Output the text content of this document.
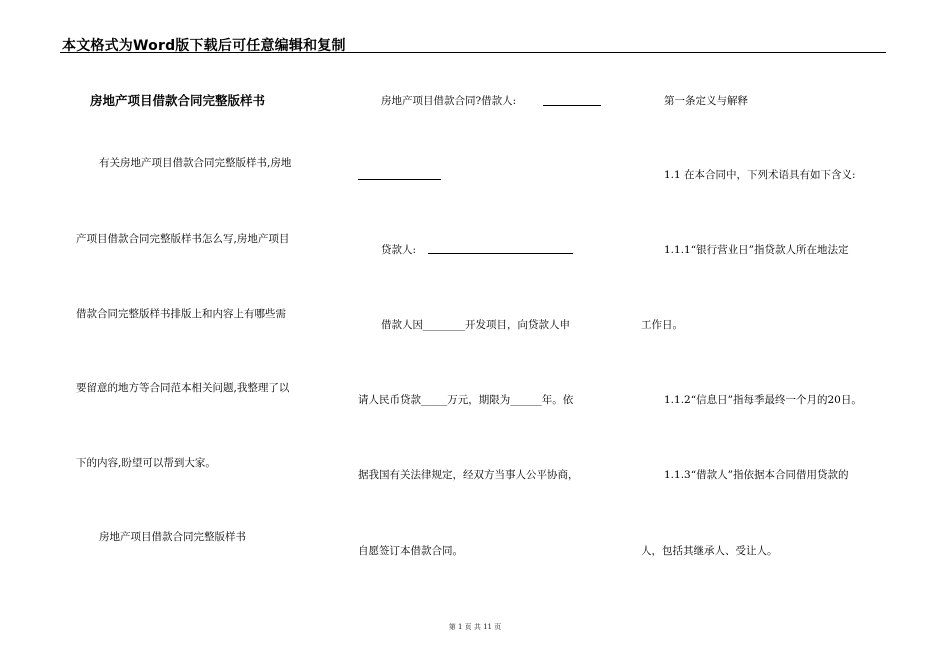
本文格式为Word版下载后可任意编辑和复制
房地产项目借款合同完整版样书
有关房地产项目借款合同完整版样书,房地
产项目借款合同完整版样书怎么写,房地产项目
借款合同完整版样书排版上和内容上有哪些需
要留意的地方等合同范本相关问题,我整理了以
下的内容,盼望可以帮到大家。
房地产项目借款合同完整版样书
房地产项目借款合同?借款人:
贷款人:
借款人因________开发项目，向贷款人申
请人民币贷款_____万元，期限为______年。依
据我国有关法律规定，经双方当事人公平协商，
自愿签订本借款合同。
第一条定义与解释
1.1 在本合同中，下列术语具有如下含义:
1.1.1“银行营业日”指贷款人所在地法定
工作日。
1.1.2“信息日”指每季最终一个月的20日。
1.1.3“借款人”指依据本合同借用贷款的
人，包括其继承人、受让人。
第 1 页 共 11 页
